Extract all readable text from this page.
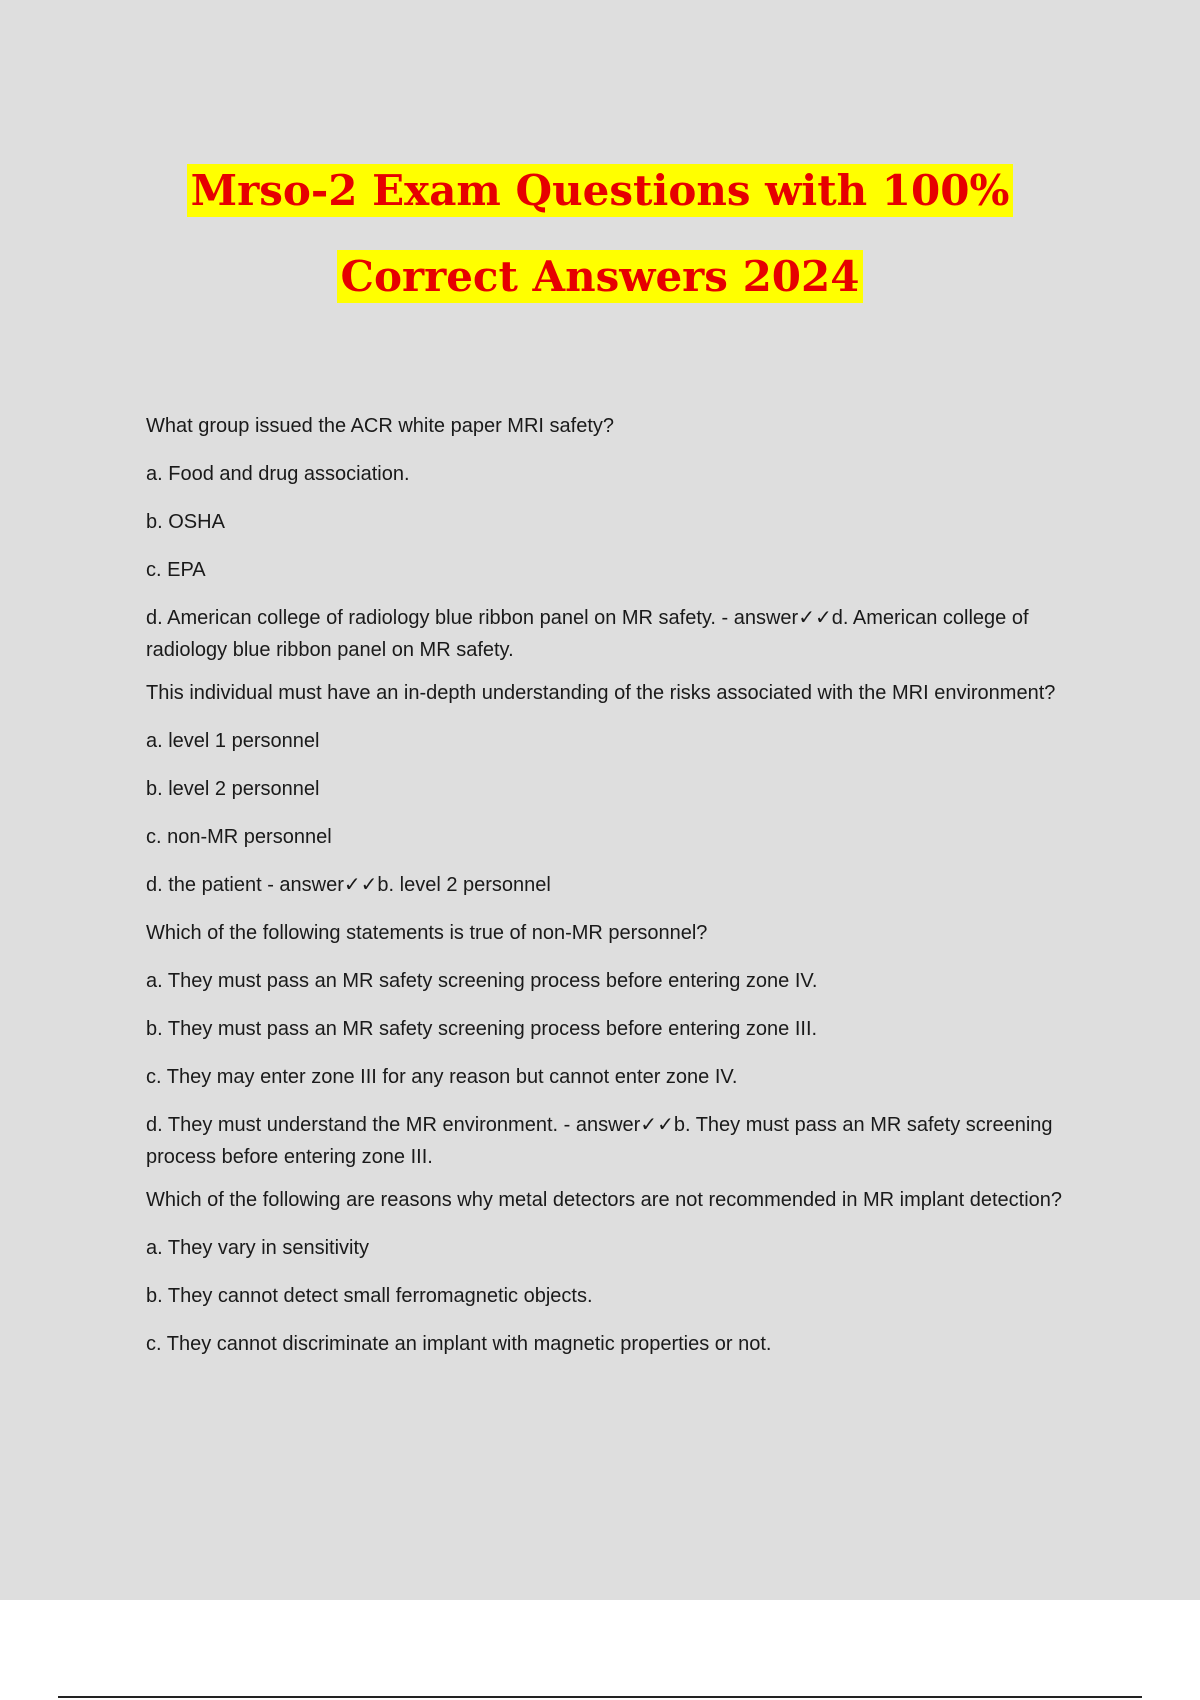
Mrso-2 Exam Questions with 100%
Correct Answers 2024

What group issued the ACR white paper MRI safety?

a. Food and drug association.

b. OSHA

c. EPA

d. American college of radiology blue ribbon panel on MR safety. - answer✓✓d. American college of radiology blue ribbon panel on MR safety.

This individual must have an in-depth understanding of the risks associated with the MRI environment?

a. level 1 personnel

b. level 2 personnel

c. non-MR personnel

d. the patient - answer✓✓b. level 2 personnel

Which of the following statements is true of non-MR personnel?

a. They must pass an MR safety screening process before entering zone IV.

b. They must pass an MR safety screening process before entering zone III.

c. They may enter zone III for any reason but cannot enter zone IV.

d. They must understand the MR environment. - answer✓✓b. They must pass an MR safety screening process before entering zone III.

Which of the following are reasons why metal detectors are not recommended in MR implant detection?

a. They vary in sensitivity

b. They cannot detect small ferromagnetic objects.

c. They cannot discriminate an implant with magnetic properties or not.
